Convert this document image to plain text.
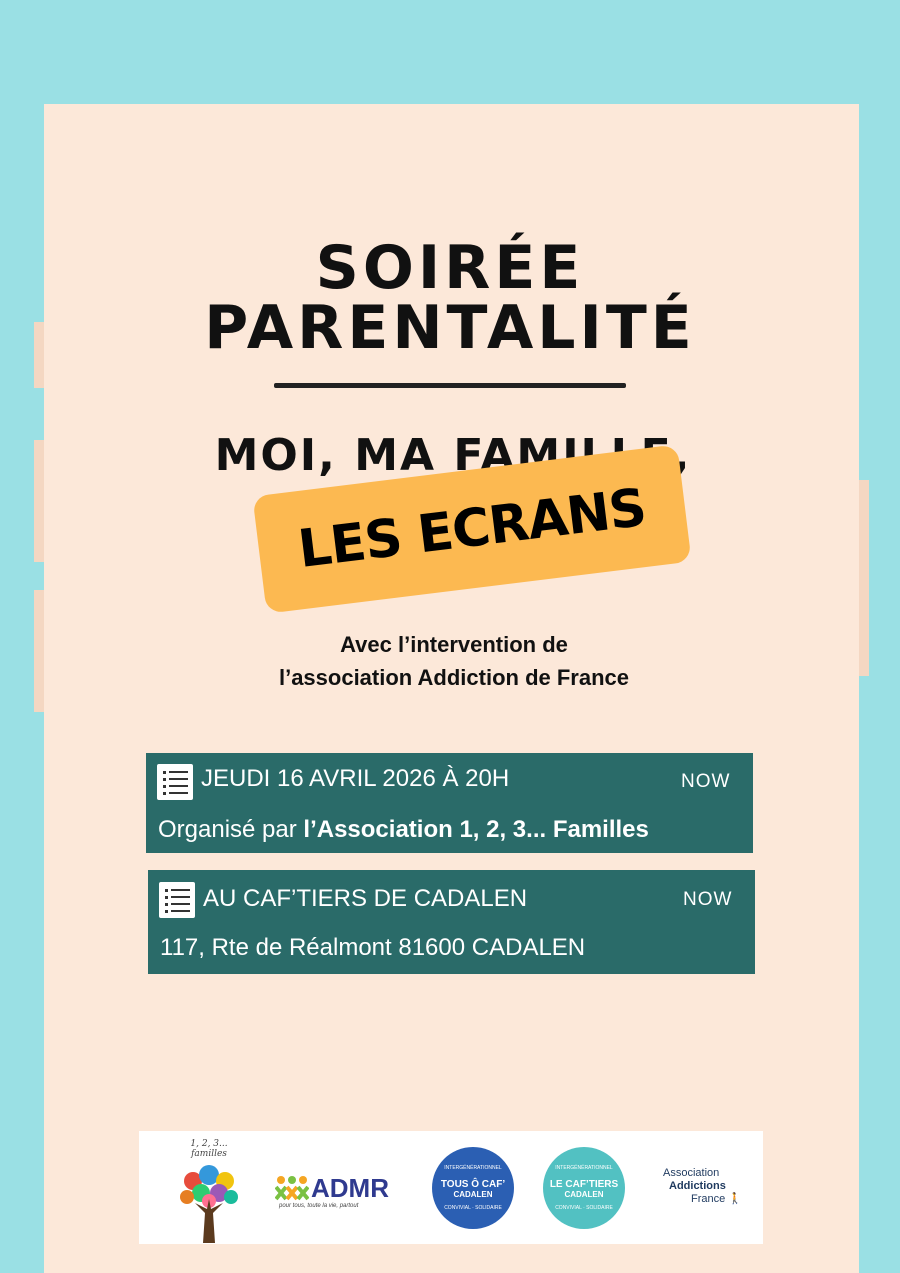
SOIRÉE
PARENTALITÉ
MOI, MA FAMILLE,
LES ECRANS
Avec l’intervention de
l’association Addiction de France
JEUDI 16 AVRIL 2026 À 20H	NOW
Organisé par l’Association 1, 2, 3... Familles
AU CAF’TIERS DE CADALEN	NOW
117, Rte de Réalmont 81600 CADALEN
1, 2, 3... familles
ADMR
pour tous, toute la vie, partout
INTERGÉNÉRATIONNEL
TOUS Ô CAF’
CADALEN
CONVIVIAL · SOLIDAIRE
INTERGÉNÉRATIONNEL
LE CAF’TIERS
CADALEN
CONVIVIAL · SOLIDAIRE
Association
Addictions
France 🚶
